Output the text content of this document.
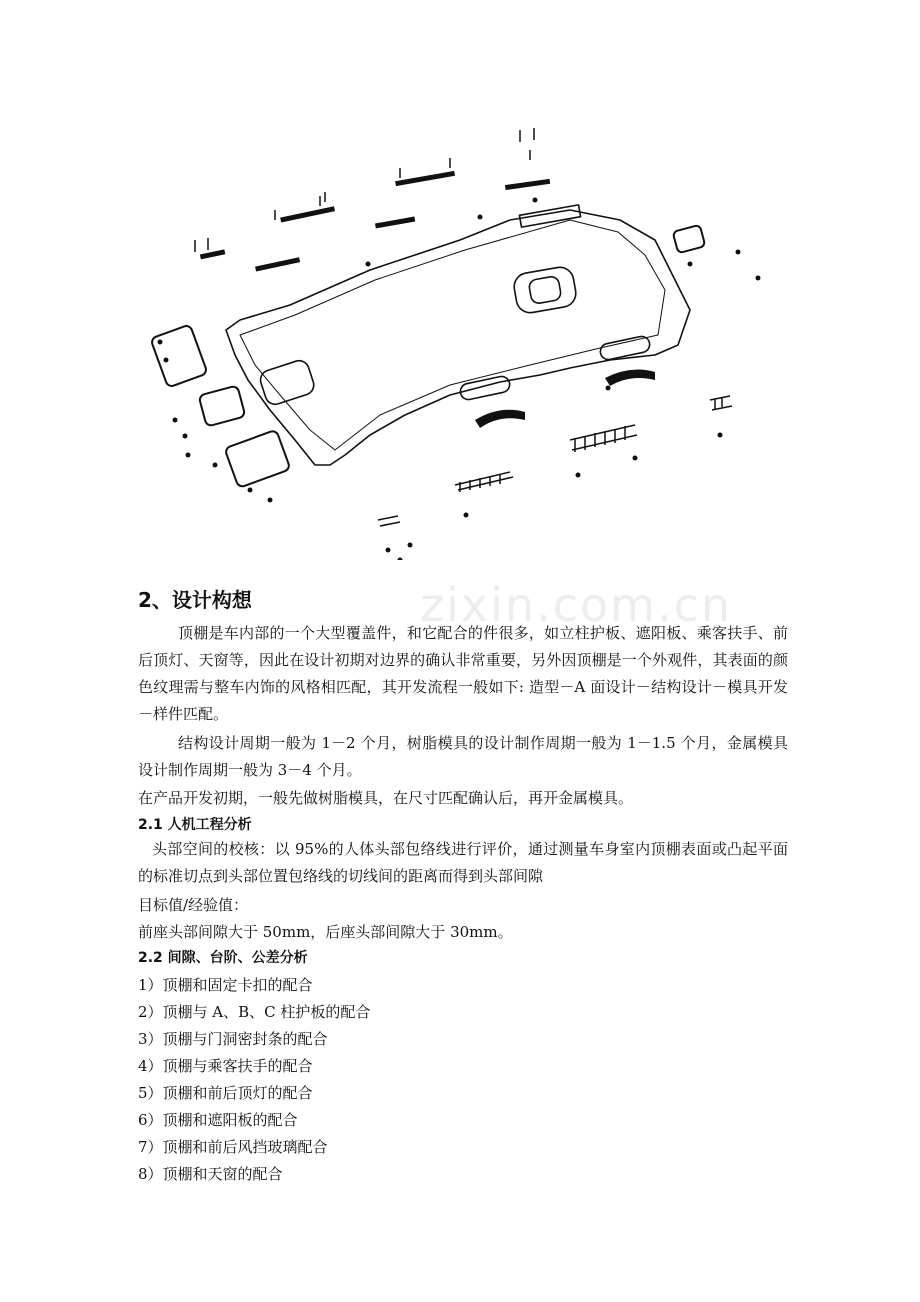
zixin.com.cn
2、设计构想
顶棚是车内部的一个大型覆盖件，和它配合的件很多，如立柱护板、遮阳板、乘客扶手、前后顶灯、天窗等，因此在设计初期对边界的确认非常重要，另外因顶棚是一个外观件，其表面的颜色纹理需与整车内饰的风格相匹配，其开发流程一般如下: 造型－A 面设计－结构设计－模具开发－样件匹配。
结构设计周期一般为 1－2 个月，树脂模具的设计制作周期一般为 1－1.5 个月，金属模具设计制作周期一般为 3－4 个月。
在产品开发初期，一般先做树脂模具，在尺寸匹配确认后，再开金属模具。
2.1 人机工程分析
头部空间的校核：以 95%的人体头部包络线进行评价，通过测量车身室内顶棚表面或凸起平面的标准切点到头部位置包络线的切线间的距离而得到头部间隙
目标值/经验值：
前座头部间隙大于 50mm，后座头部间隙大于 30mm。
2.2 间隙、台阶、公差分析
1）顶棚和固定卡扣的配合
2）顶棚与 A、B、C 柱护板的配合
3）顶棚与门洞密封条的配合
4）顶棚与乘客扶手的配合
5）顶棚和前后顶灯的配合
6）顶棚和遮阳板的配合
7）顶棚和前后风挡玻璃配合
8）顶棚和天窗的配合
